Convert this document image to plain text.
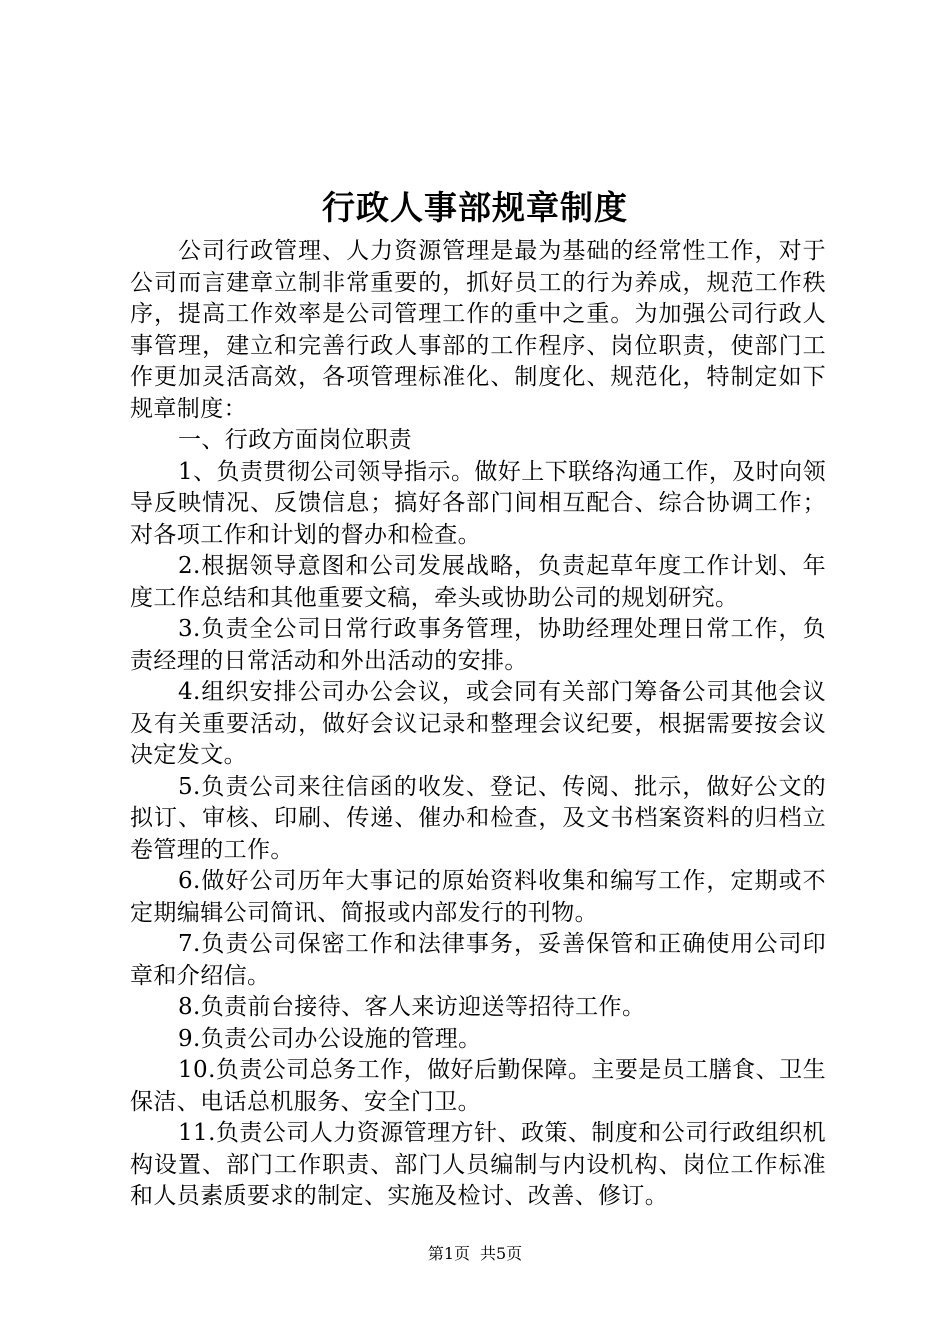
行政人事部规章制度

公司行政管理、人力资源管理是最为基础的经常性工作，对于公司而言建章立制非常重要的，抓好员工的行为养成，规范工作秩序，提高工作效率是公司管理工作的重中之重。为加强公司行政人事管理，建立和完善行政人事部的工作程序、岗位职责，使部门工作更加灵活高效，各项管理标准化、制度化、规范化，特制定如下规章制度：

一、行政方面岗位职责

1、负责贯彻公司领导指示。做好上下联络沟通工作，及时向领导反映情况、反馈信息；搞好各部门间相互配合、综合协调工作；对各项工作和计划的督办和检查。

2.根据领导意图和公司发展战略，负责起草年度工作计划、年度工作总结和其他重要文稿，牵头或协助公司的规划研究。

3.负责全公司日常行政事务管理，协助经理处理日常工作，负责经理的日常活动和外出活动的安排。

4.组织安排公司办公会议，或会同有关部门筹备公司其他会议及有关重要活动，做好会议记录和整理会议纪要，根据需要按会议决定发文。

5.负责公司来往信函的收发、登记、传阅、批示，做好公文的拟订、审核、印刷、传递、催办和检查，及文书档案资料的归档立卷管理的工作。

6.做好公司历年大事记的原始资料收集和编写工作，定期或不定期编辑公司简讯、简报或内部发行的刊物。

7.负责公司保密工作和法律事务，妥善保管和正确使用公司印章和介绍信。

8.负责前台接待、客人来访迎送等招待工作。

9.负责公司办公设施的管理。

10.负责公司总务工作，做好后勤保障。主要是员工膳食、卫生保洁、电话总机服务、安全门卫。

11.负责公司人力资源管理方针、政策、制度和公司行政组织机构设置、部门工作职责、部门人员编制与内设机构、岗位工作标准和人员素质要求的制定、实施及检讨、改善、修订。

第1页 共5页
